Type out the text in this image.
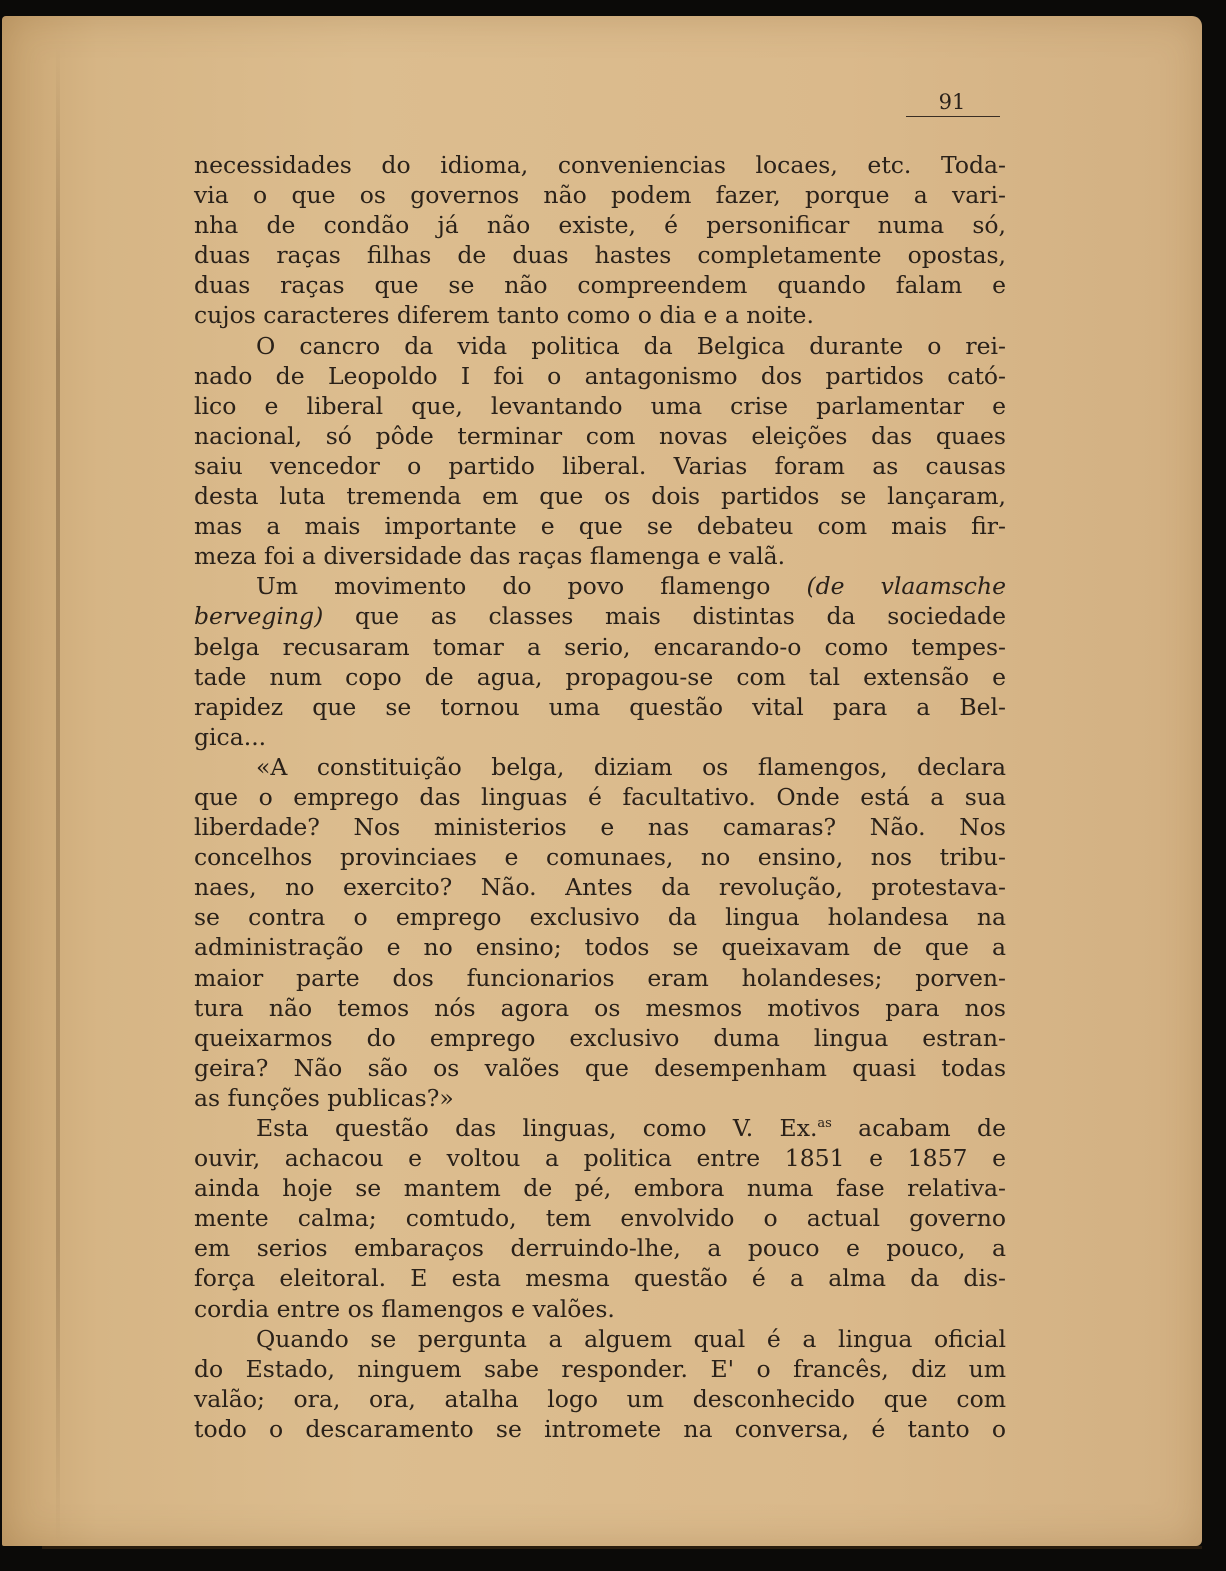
91
necessidades do idioma, conveniencias locaes, etc. Toda-
via o que os governos não podem fazer, porque a vari-
nha de condão já não existe, é personificar numa só,
duas raças filhas de duas hastes completamente opostas,
duas raças que se não compreendem quando falam e
cujos caracteres diferem tanto como o dia e a noite.
O cancro da vida politica da Belgica durante o rei-
nado de Leopoldo I foi o antagonismo dos partidos cató-
lico e liberal que, levantando uma crise parlamentar e
nacional, só pôde terminar com novas eleições das quaes
saiu vencedor o partido liberal. Varias foram as causas
desta luta tremenda em que os dois partidos se lançaram,
mas a mais importante e que se debateu com mais fir-
meza foi a diversidade das raças flamenga e valã.
Um movimento do povo flamengo (de vlaamsche
berveging) que as classes mais distintas da sociedade
belga recusaram tomar a serio, encarando-o como tempes-
tade num copo de agua, propagou-se com tal extensão e
rapidez que se tornou uma questão vital para a Bel-
gica...
«A constituição belga, diziam os flamengos, declara
que o emprego das linguas é facultativo. Onde está a sua
liberdade? Nos ministerios e nas camaras? Não. Nos
concelhos provinciaes e comunaes, no ensino, nos tribu-
naes, no exercito? Não. Antes da revolução, protestava-
se contra o emprego exclusivo da lingua holandesa na
administração e no ensino; todos se queixavam de que a
maior parte dos funcionarios eram holandeses; porven-
tura não temos nós agora os mesmos motivos para nos
queixarmos do emprego exclusivo duma lingua estran-
geira? Não são os valões que desempenham quasi todas
as funções publicas?»
Esta questão das linguas, como V. Ex.$^{as}$ acabam de
ouvir, achacou e voltou a politica entre 1851 e 1857 e
ainda hoje se mantem de pé, embora numa fase relativa-
mente calma; comtudo, tem envolvido o actual governo
em serios embaraços derruindo-lhe, a pouco e pouco, a
força eleitoral. E esta mesma questão é a alma da dis-
cordia entre os flamengos e valões.
Quando se pergunta a alguem qual é a lingua oficial
do Estado, ninguem sabe responder. E' o francês, diz um
valão; ora, ora, atalha logo um desconhecido que com
todo o descaramento se intromete na conversa, é tanto o
